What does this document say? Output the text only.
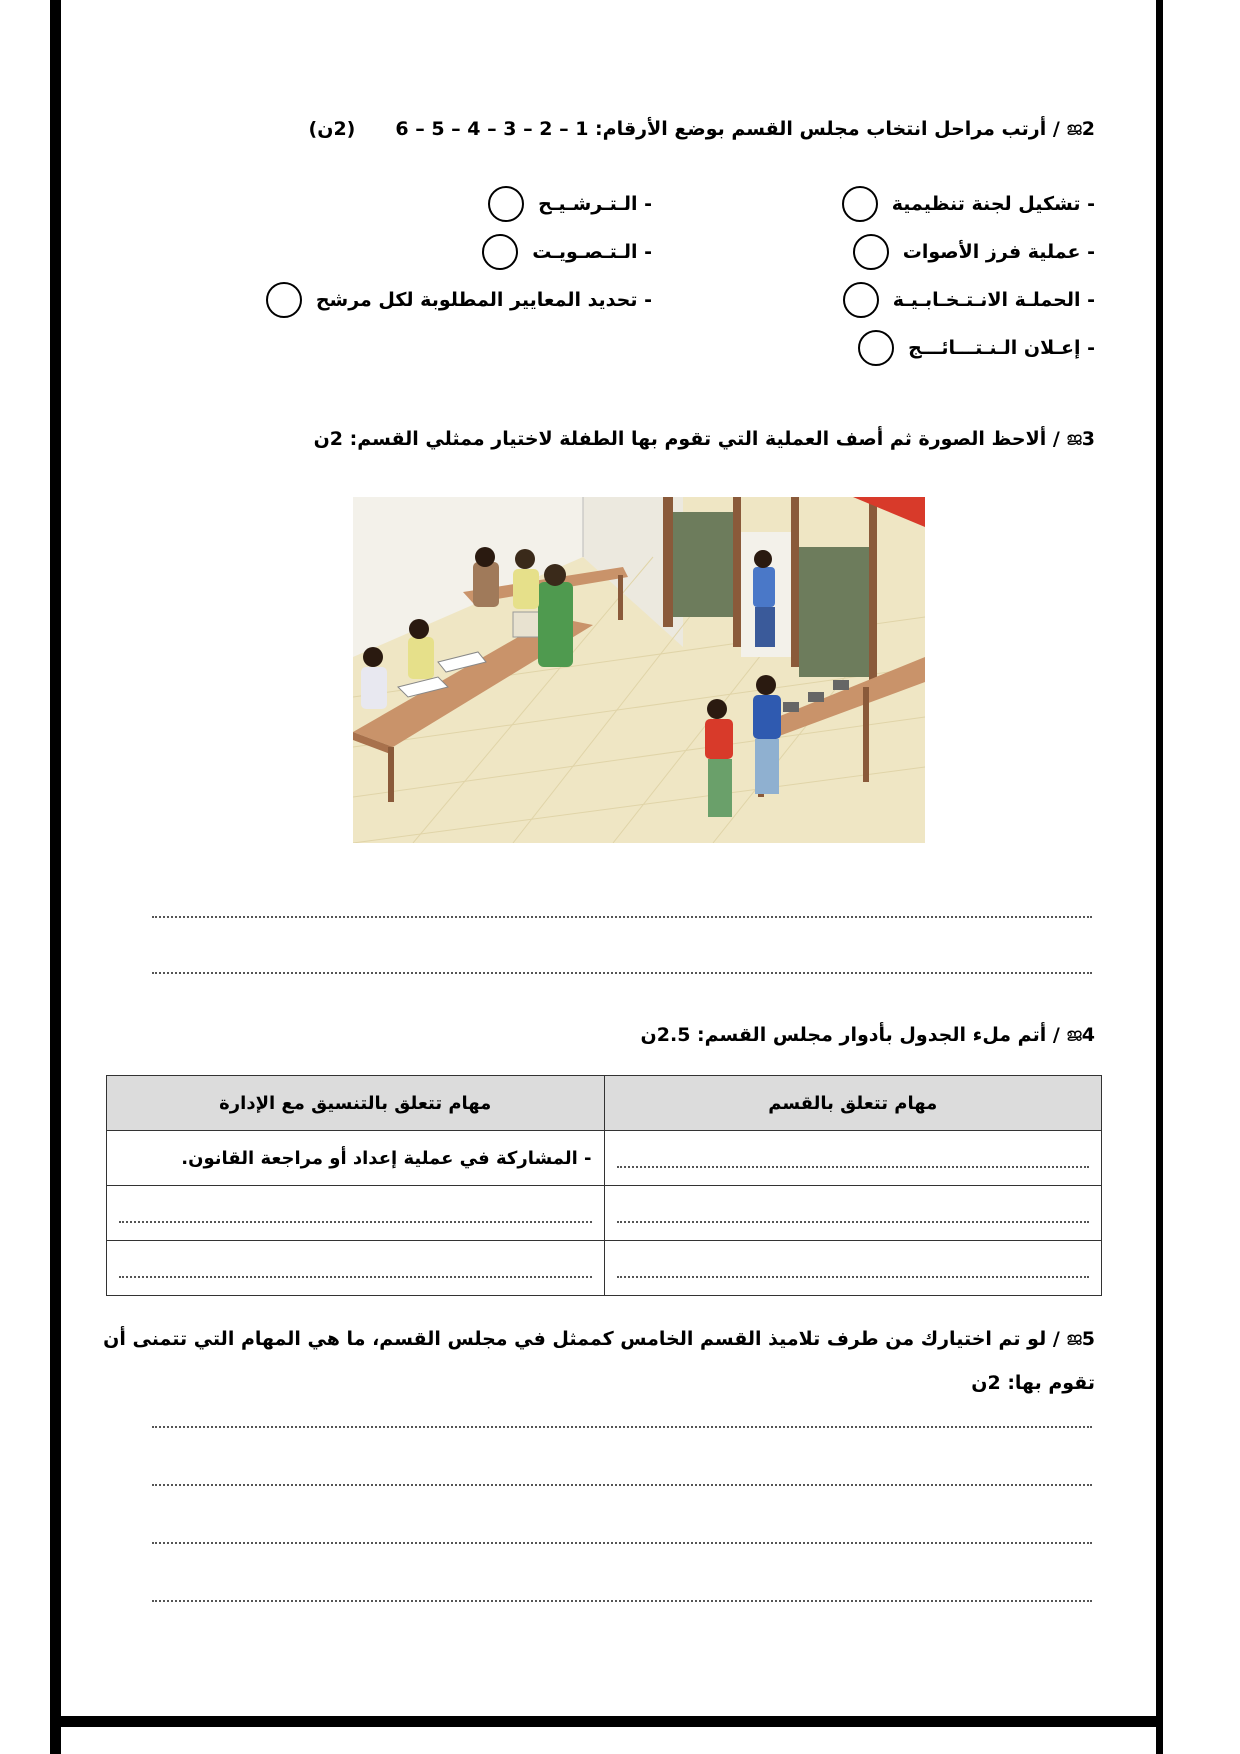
ജ2/ أرتب مراحل انتخاب مجلس القسم بوضع الأرقام: 1 – 2 – 3 – 4 – 5 – 6(2ن)
- تشكيل لجنة تنظيمية
- عملية فرز الأصوات
- الحملـة الانـتـخـابـيـة
- إعـلان الـنـتـــائـــج
- الـتـرشـيـح
- الـتـصـويـت
- تحديد المعايير المطلوبة لكل مرشح
ജ3/ ألاحظ الصورة ثم أصف العملية التي تقوم بها الطفلة لاختيار ممثلي القسم: 2ن
ജ4/ أتم ملء الجدول بأدوار مجلس القسم: 2.5ن
مهام تتعلق بالقسم	مهام تتعلق بالتنسيق مع الإدارة

	- المشاركة في عملية إعداد أو مراجعة القانون.

ജ5/ لو تم اختيارك من طرف تلاميذ القسم الخامس كممثل في مجلس القسم، ما هي المهام التي تتمنى أن
تقوم بها: 2ن
